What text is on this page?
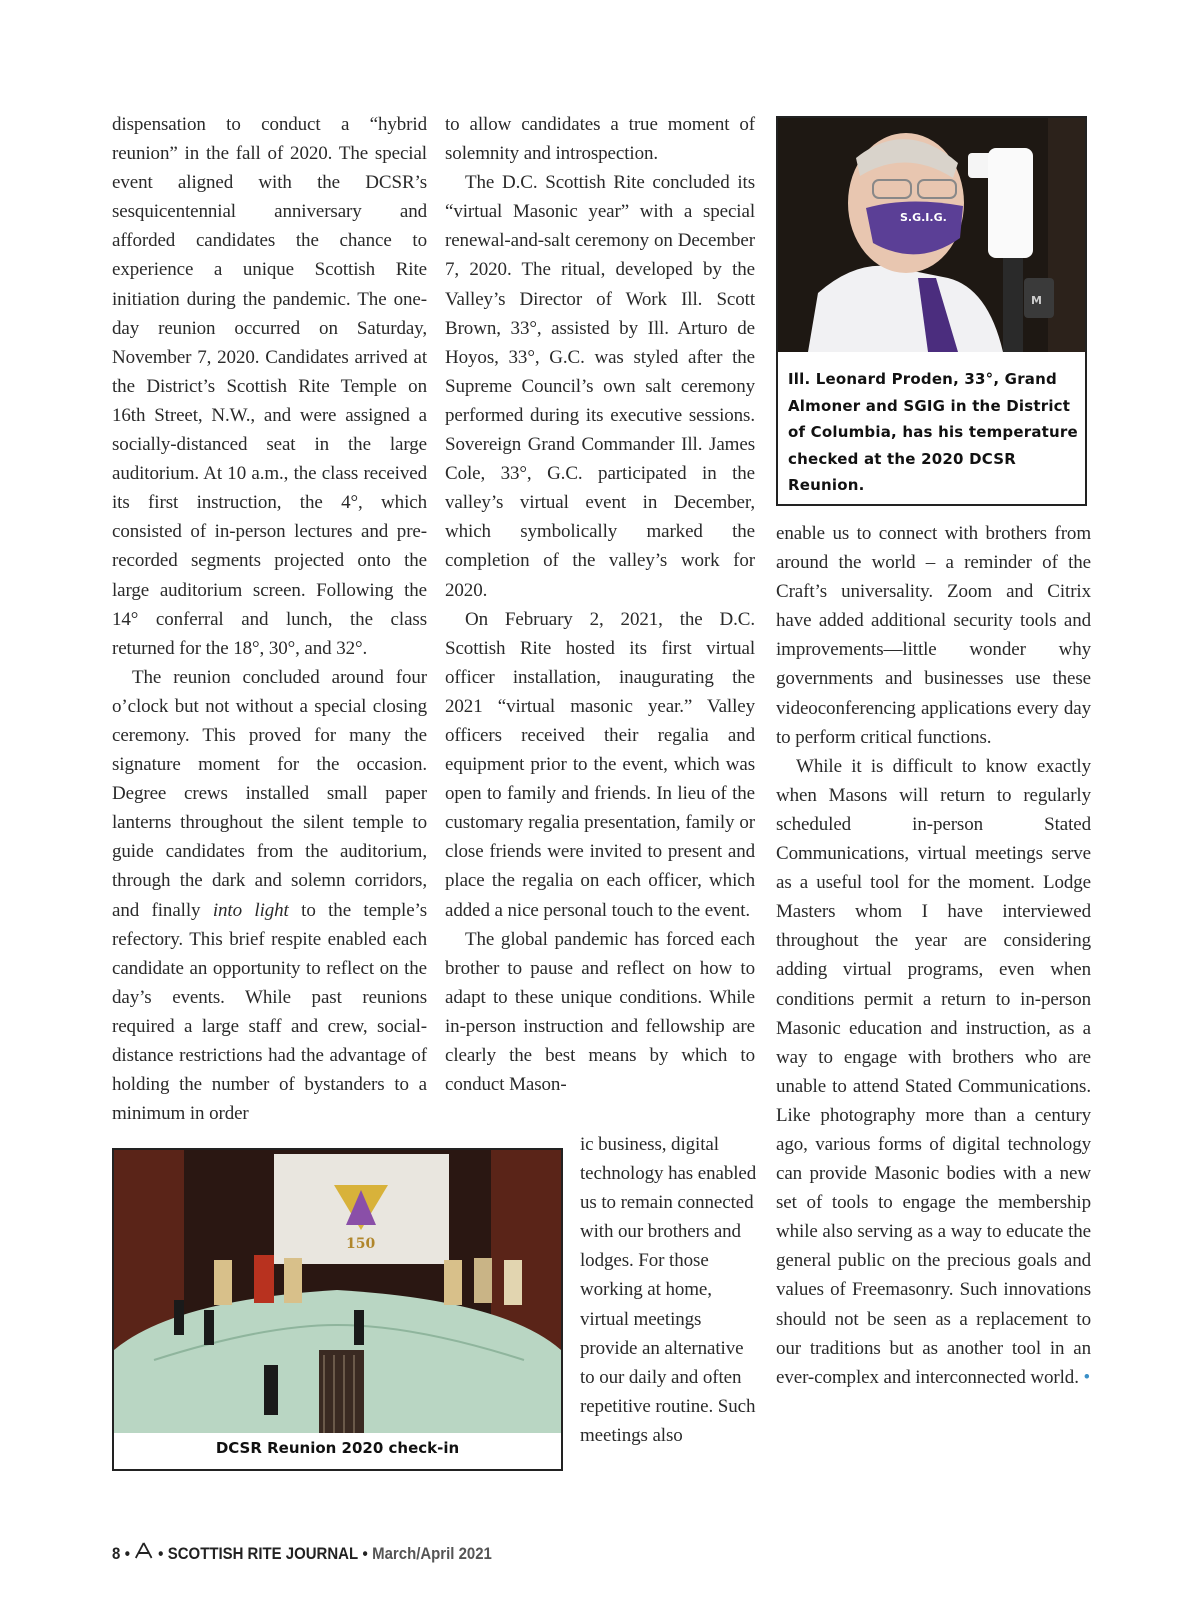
dispensation to conduct a “hybrid reunion” in the fall of 2020. The special event aligned with the DCSR’s sesquicentennial anniversary and afforded candidates the chance to experience a unique Scottish Rite initiation during the pandemic. The one-day reunion occurred on Saturday, November 7, 2020. Candidates arrived at the District’s Scottish Rite Temple on 16th Street, N.W., and were assigned a socially-distanced seat in the large auditorium. At 10 a.m., the class received its first instruction, the 4°, which consisted of in-person lectures and pre-recorded segments projected onto the large auditorium screen. Following the 14° conferral and lunch, the class returned for the 18°, 30°, and 32°.

The reunion concluded around four o’clock but not without a special closing ceremony. This proved for many the signature moment for the occasion. Degree crews installed small paper lanterns throughout the silent temple to guide candidates from the auditorium, through the dark and solemn corridors, and finally into light to the temple’s refectory. This brief respite enabled each candidate an opportunity to reflect on the day’s events. While past reunions required a large staff and crew, social-distance restrictions had the advantage of holding the number of bystanders to a minimum in order

to allow candidates a true moment of solemnity and introspection.

The D.C. Scottish Rite concluded its “virtual Masonic year” with a special renewal-and-salt ceremony on December 7, 2020. The ritual, developed by the Valley’s Director of Work Ill. Scott Brown, 33°, assisted by Ill. Arturo de Hoyos, 33°, G.C. was styled after the Supreme Council’s own salt ceremony performed during its executive sessions. Sovereign Grand Commander Ill. James Cole, 33°, G.C. participated in the valley’s virtual event in December, which symbolically marked the completion of the valley’s work for 2020.

On February 2, 2021, the D.C. Scottish Rite hosted its first virtual officer installation, inaugurating the 2021 “virtual masonic year.” Valley officers received their regalia and equipment prior to the event, which was open to family and friends. In lieu of the customary regalia presentation, family or close friends were invited to present and place the regalia on each officer, which added a nice personal touch to the event.

The global pandemic has forced each brother to pause and reflect on how to adapt to these unique conditions. While in-person instruction and fellowship are clearly the best means by which to conduct Mason-

ic business, digital technology has enabled us to remain connected with our brothers and lodges. For those working at home, virtual meetings provide an alternative to our daily and often repetitive routine. Such meetings also

enable us to connect with brothers from around the world – a reminder of the Craft’s universality. Zoom and Citrix have added additional security tools and improvements—little wonder why governments and businesses use these videoconferencing applications every day to perform critical functions.

While it is difficult to know exactly when Masons will return to regularly scheduled in-person Stated Communications, virtual meetings serve as a useful tool for the moment. Lodge Masters whom I have interviewed throughout the year are considering adding virtual programs, even when conditions permit a return to in-person Masonic education and instruction, as a way to engage with brothers who are unable to attend Stated Communications. Like photography more than a century ago, various forms of digital technology can provide Masonic bodies with a new set of tools to engage the membership while also serving as a way to educate the general public on the precious goals and values of Freemasonry. Such innovations should not be seen as a replacement to our traditions but as another tool in an ever-complex and interconnected world. •

S.G.I.G.
M
Ill. Leonard Proden, 33°, Grand Almoner and SGIG in the District of Columbia, has his temperature checked at the 2020 DCSR Reunion.
150
DCSR Reunion 2020 check-in
8 • • SCOTTISH RITE JOURNAL • March/April 2021
